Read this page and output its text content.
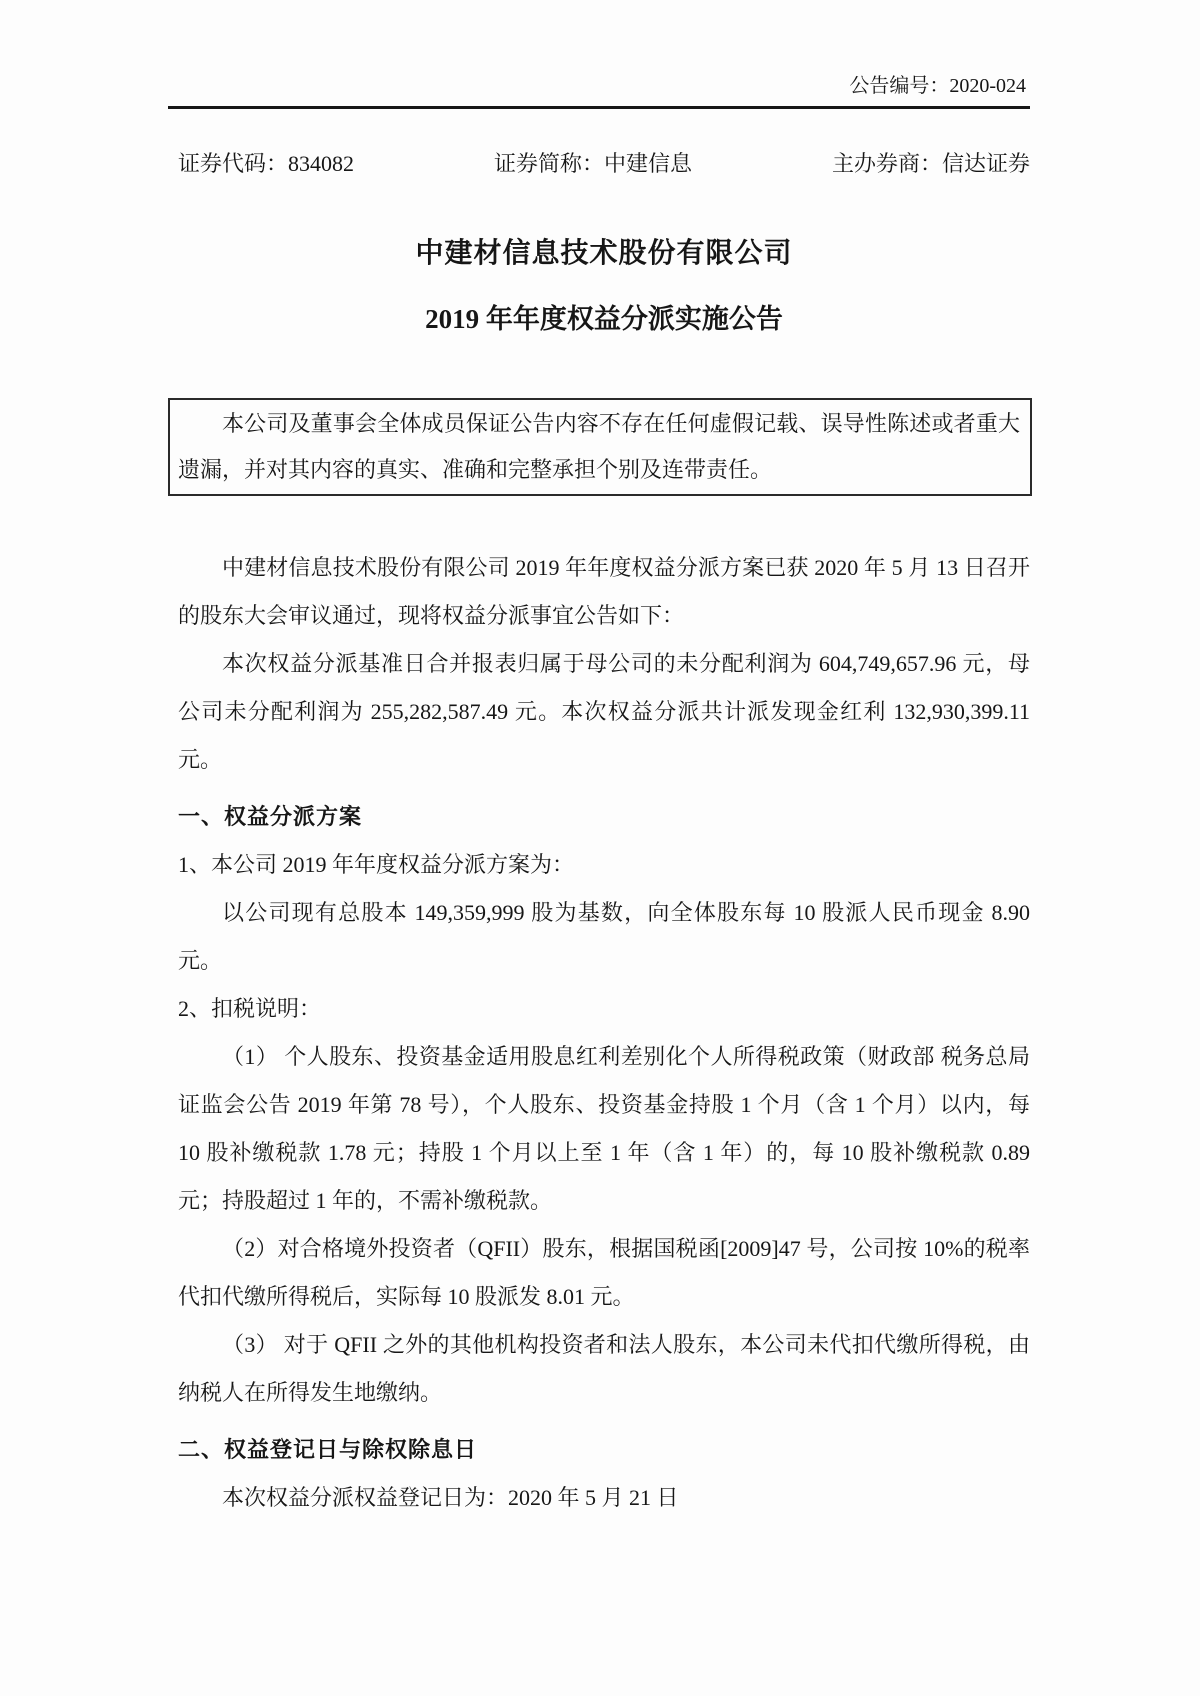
公告编号：2020-024
证券代码：834082	证券简称：中建信息	主办券商：信达证券
中建材信息技术股份有限公司
2019 年年度权益分派实施公告
本公司及董事会全体成员保证公告内容不存在任何虚假记载、误导性陈述或者重大遗漏，并对其内容的真实、准确和完整承担个别及连带责任。
中建材信息技术股份有限公司 2019 年年度权益分派方案已获 2020 年 5 月 13 日召开的股东大会审议通过，现将权益分派事宜公告如下：
本次权益分派基准日合并报表归属于母公司的未分配利润为 604,749,657.96 元，母公司未分配利润为 255,282,587.49 元。本次权益分派共计派发现金红利 132,930,399.11 元。
一、权益分派方案
1、本公司 2019 年年度权益分派方案为：
以公司现有总股本 149,359,999 股为基数，向全体股东每 10 股派人民币现金 8.90 元。
2、扣税说明：
（1） 个人股东、投资基金适用股息红利差别化个人所得税政策（财政部 税务总局 证监会公告 2019 年第 78 号），个人股东、投资基金持股 1 个月（含 1 个月）以内，每 10 股补缴税款 1.78 元；持股 1 个月以上至 1 年（含 1 年）的，每 10 股补缴税款 0.89 元；持股超过 1 年的，不需补缴税款。
（2）对合格境外投资者（QFII）股东，根据国税函[2009]47 号，公司按 10%的税率代扣代缴所得税后，实际每 10 股派发 8.01 元。
（3） 对于 QFII 之外的其他机构投资者和法人股东，本公司未代扣代缴所得税，由纳税人在所得发生地缴纳。
二、权益登记日与除权除息日
本次权益分派权益登记日为：2020 年 5 月 21 日
